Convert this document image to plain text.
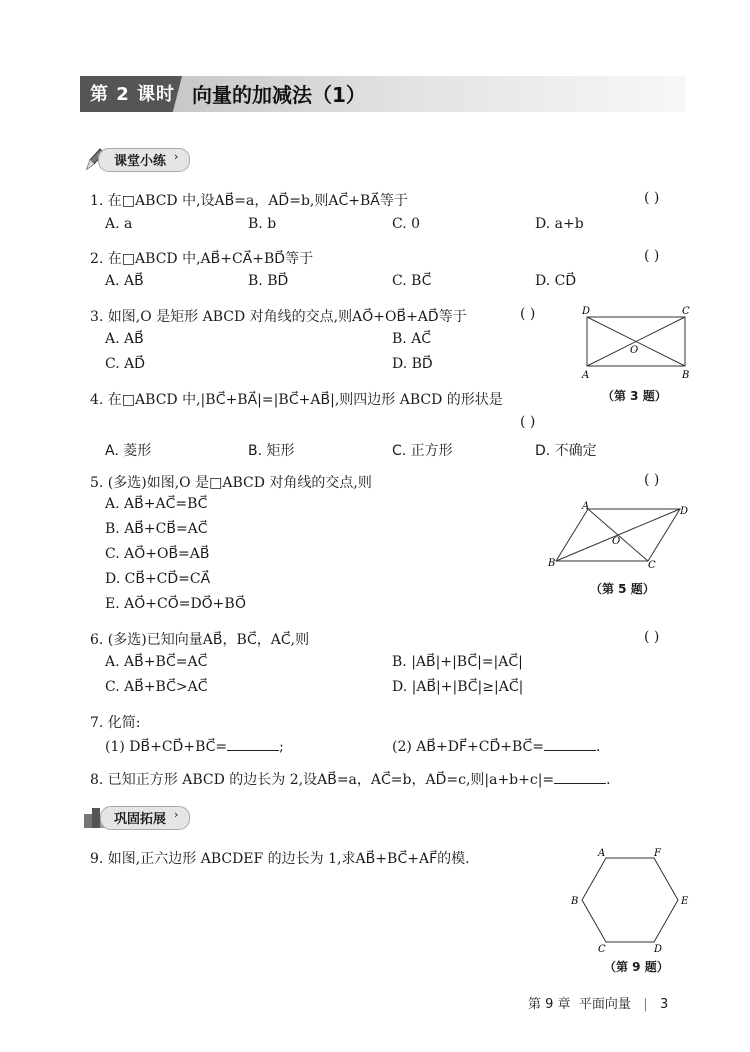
第 2 课时 向量的加减法（1）
课堂小练 ›
1. 在□ABCD 中,设AB⃗=a，AD⃗=b,则AC⃗+BA⃗等于	( )
A. a	B. b	C. 0	D. a+b
2. 在□ABCD 中,AB⃗+CA⃗+BD⃗等于	( )
A. AB⃗	B. BD⃗	C. BC⃗	D. CD⃗
3. 如图,O 是矩形 ABCD 对角线的交点,则AO⃗+OB⃗+AD⃗等于	( )
A. AB⃗	B. AC⃗
C. AD⃗	D. BD⃗
D	C
O
A	B
（第 3 题）
4. 在□ABCD 中,|BC⃗+BA⃗|=|BC⃗+AB⃗|,则四边形 ABCD 的形状是
( )
A. 菱形	B. 矩形	C. 正方形	D. 不确定
5. (多选)如图,O 是□ABCD 对角线的交点,则	( )
A. AB⃗+AC⃗=BC⃗
B. AB⃗+CB⃗=AC⃗
C. AO⃗+OB⃗=AB⃗
D. CB⃗+CD⃗=CA⃗
E. AO⃗+CO⃗=DO⃗+BO⃗
A	D
O
B	C
（第 5 题）
6. (多选)已知向量AB⃗，BC⃗，AC⃗,则	( )
A. AB⃗+BC⃗=AC⃗	B. |AB⃗|+|BC⃗|=|AC⃗|
C. AB⃗+BC⃗>AC⃗	D. |AB⃗|+|BC⃗|≥|AC⃗|
7. 化简:
(1) DB⃗+CD⃗+BC⃗=	;	(2) AB⃗+DF⃗+CD⃗+BC⃗=	.
8. 已知正方形 ABCD 的边长为 2,设AB⃗=a，AC⃗=b，AD⃗=c,则|a+b+c|=	.
巩固拓展 ›
9. 如图,正六边形 ABCDEF 的边长为 1,求AB⃗+BC⃗+AF⃗的模.	A	F
B	E
C	D
（第 9 题）
第 9 章 平面向量 | 3
